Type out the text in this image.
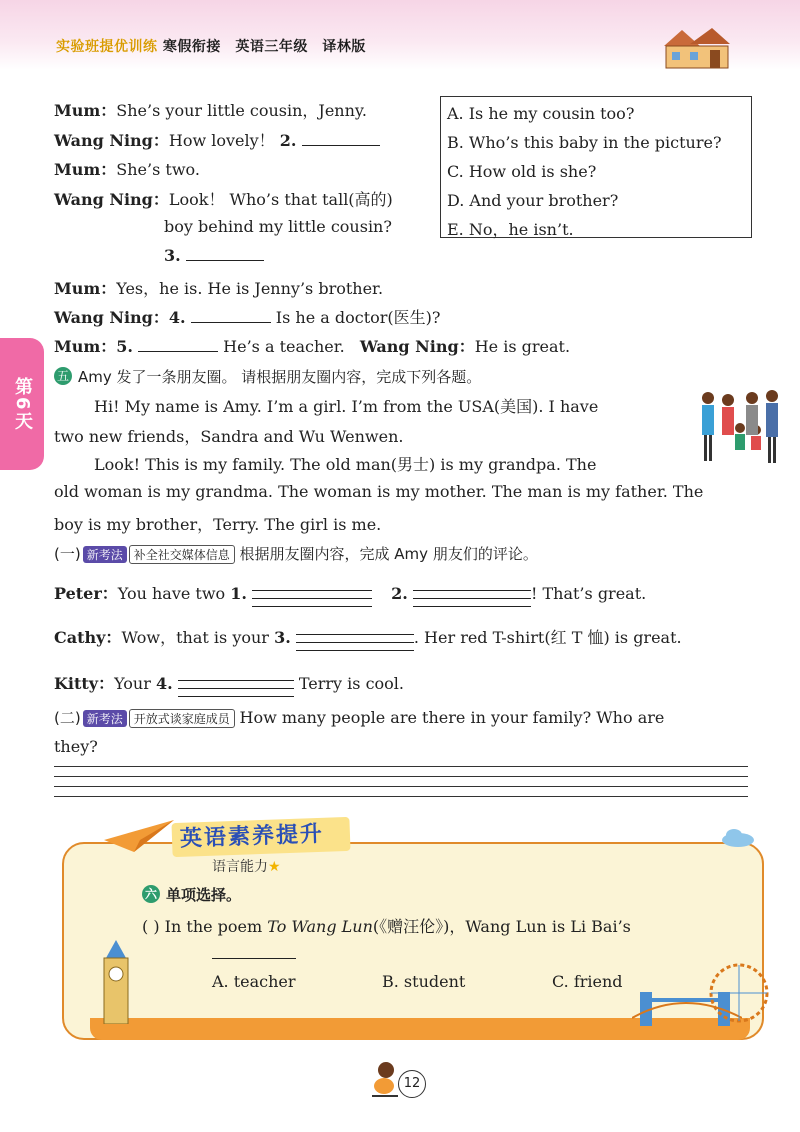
实验班提优训练 寒假衔接　英语三年级　译林版
第6天
Mum：She’s your little cousin，Jenny.
Wang Ning：How lovely！ 2.
Mum：She’s two.
Wang Ning：Look！ Who’s that tall(高的)
boy behind my little cousin?
3.
Mum：Yes，he is. He is Jenny’s brother.
Wang Ning：4.	Is he a doctor(医生)?
Mum：5.	He’s a teacher. Wang Ning：He is great.
A. Is he my cousin too?
B. Who’s this baby in the picture?
C. How old is she?
D. And your brother?
E. No，he isn’t.
五 Amy 发了一条朋友圈。 请根据朋友圈内容，完成下列各题。
Hi! My name is Amy. I’m a girl. I’m from the USA(美国). I have
two new friends，Sandra and Wu Wenwen.
Look! This is my family. The old man(男士) is my grandpa. The
old woman is my grandma. The woman is my mother. The man is my father. The
boy is my brother，Terry. The girl is me.
(一) 新考法 补全社交媒体信息 根据朋友圈内容，完成 Amy 朋友们的评论。
Peter：You have two 1.	2.	! That’s great.
Cathy：Wow，that is your 3.	. Her red T-shirt(红 T 恤) is great.
Kitty：Your 4.	Terry is cool.
(二) 新考法 开放式谈家庭成员 How many people are there in your family? Who are
they?
英语素养提升
语言能力★
六 单项选择。
( ) In the poem To Wang Lun(《赠汪伦》)，Wang Lun is Li Bai’s
A. teacher	B. student	C. friend
12
